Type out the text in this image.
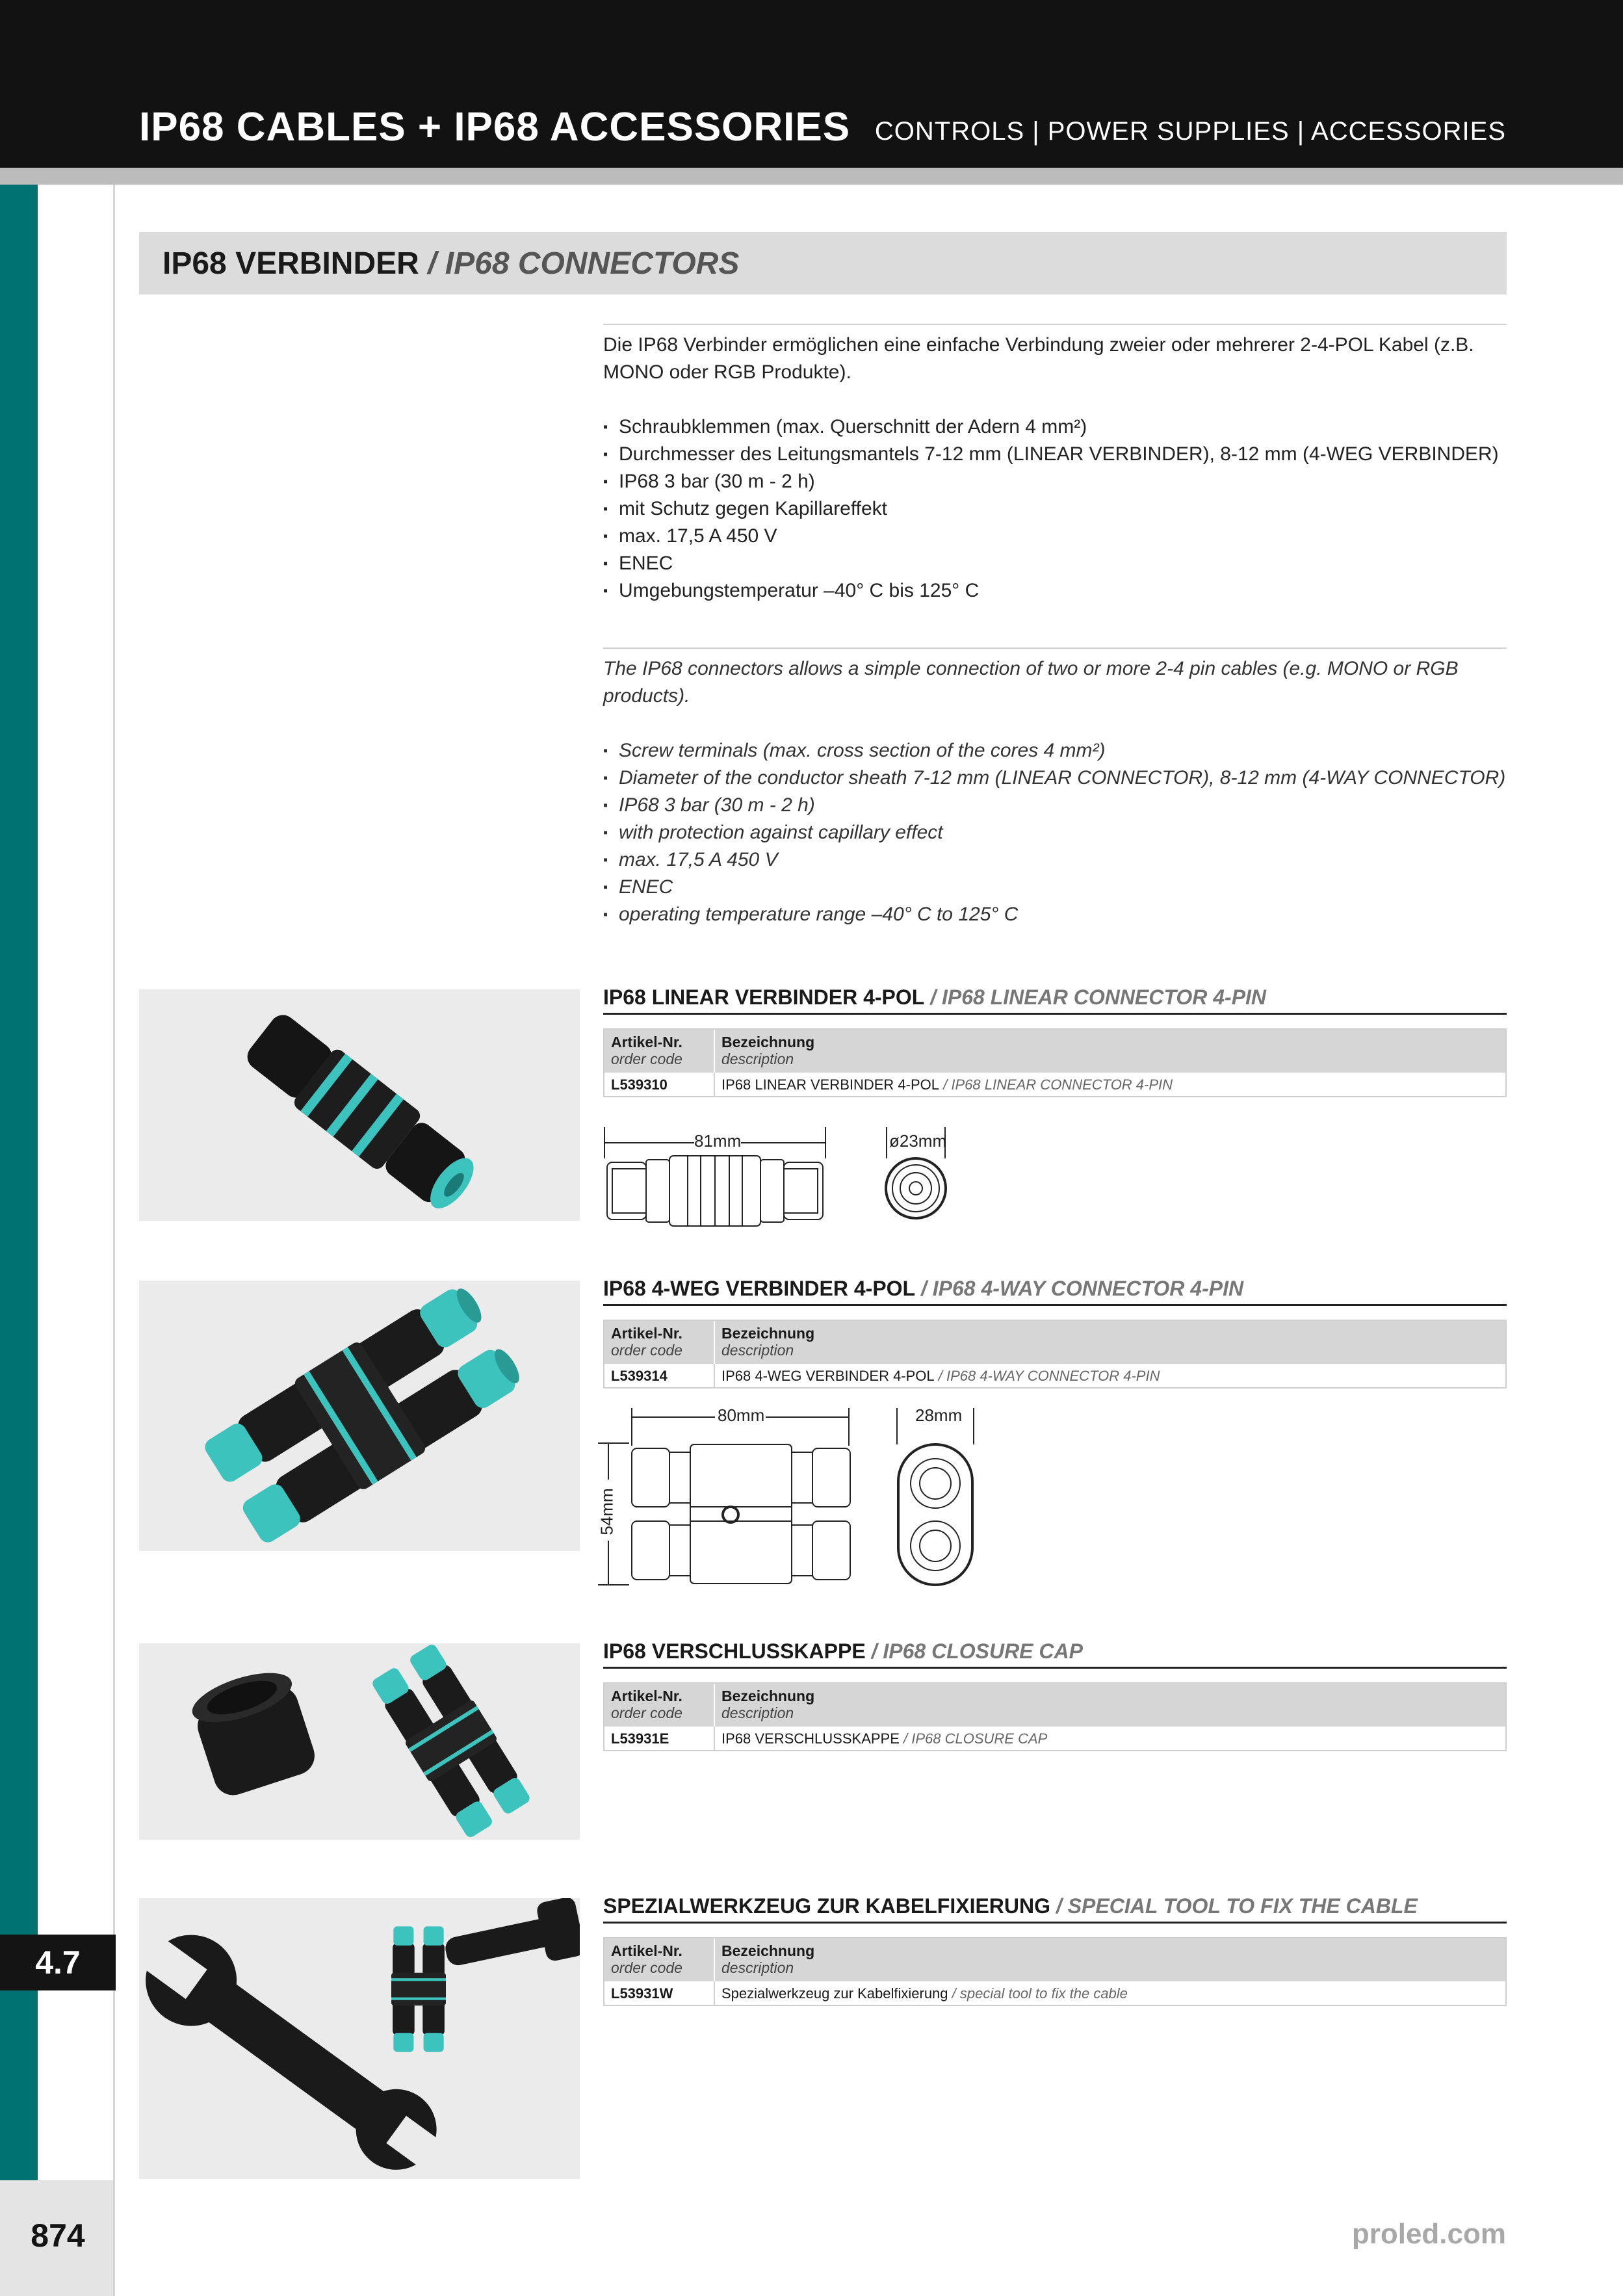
IP68 CABLES + IP68 ACCESSORIES CONTROLS | POWER SUPPLIES | ACCESSORIES
4.7
874	proled.com
IP68 VERBINDER / IP68 CONNECTORS
Die IP68 Verbinder ermöglichen eine einfache Verbindung zweier oder mehrerer 2-4-POL Kabel (z.B. MONO oder RGB Produkte).
▪ Schraubklemmen (max. Querschnitt der Adern 4 mm²)
▪ Durchmesser des Leitungsmantels 7-12 mm (LINEAR VERBINDER), 8-12 mm (4-WEG VERBINDER)
▪ IP68 3 bar (30 m - 2 h)
▪ mit Schutz gegen Kapillareffekt
▪ max. 17,5 A 450 V
▪ ENEC
▪ Umgebungstemperatur –40° C bis 125° C
The IP68 connectors allows a simple connection of two or more 2-4 pin cables (e.g. MONO or RGB products).
▪ Screw terminals (max. cross section of the cores 4 mm²)
▪ Diameter of the conductor sheath 7-12 mm (LINEAR CONNECTOR), 8-12 mm (4-WAY CONNECTOR)
▪ IP68 3 bar (30 m - 2 h)
▪ with protection against capillary effect
▪ max. 17,5 A 450 V
▪ ENEC
▪ operating temperature range –40° C to 125° C
IP68 LINEAR VERBINDER 4-POL / IP68 LINEAR CONNECTOR 4-PIN
Artikel-Nr.
order code
Bezeichnung
description
L539310	IP68 LINEAR VERBINDER 4-POL / IP68 LINEAR CONNECTOR 4-PIN
81mm	ø23mm
IP68 4-WEG VERBINDER 4-POL / IP68 4-WAY CONNECTOR 4-PIN
Artikel-Nr.
order code
Bezeichnung
description
L539314	IP68 4-WEG VERBINDER 4-POL / IP68 4-WAY CONNECTOR 4-PIN
80mm	28mm
54mm
IP68 VERSCHLUSSKAPPE / IP68 CLOSURE CAP
Artikel-Nr.
order code
Bezeichnung
description
L53931E	IP68 VERSCHLUSSKAPPE / IP68 CLOSURE CAP
SPEZIALWERKZEUG ZUR KABELFIXIERUNG / SPECIAL TOOL TO FIX THE CABLE
Artikel-Nr.
order code
Bezeichnung
description
L53931W	Spezialwerkzeug zur Kabelfixierung / special tool to fix the cable
